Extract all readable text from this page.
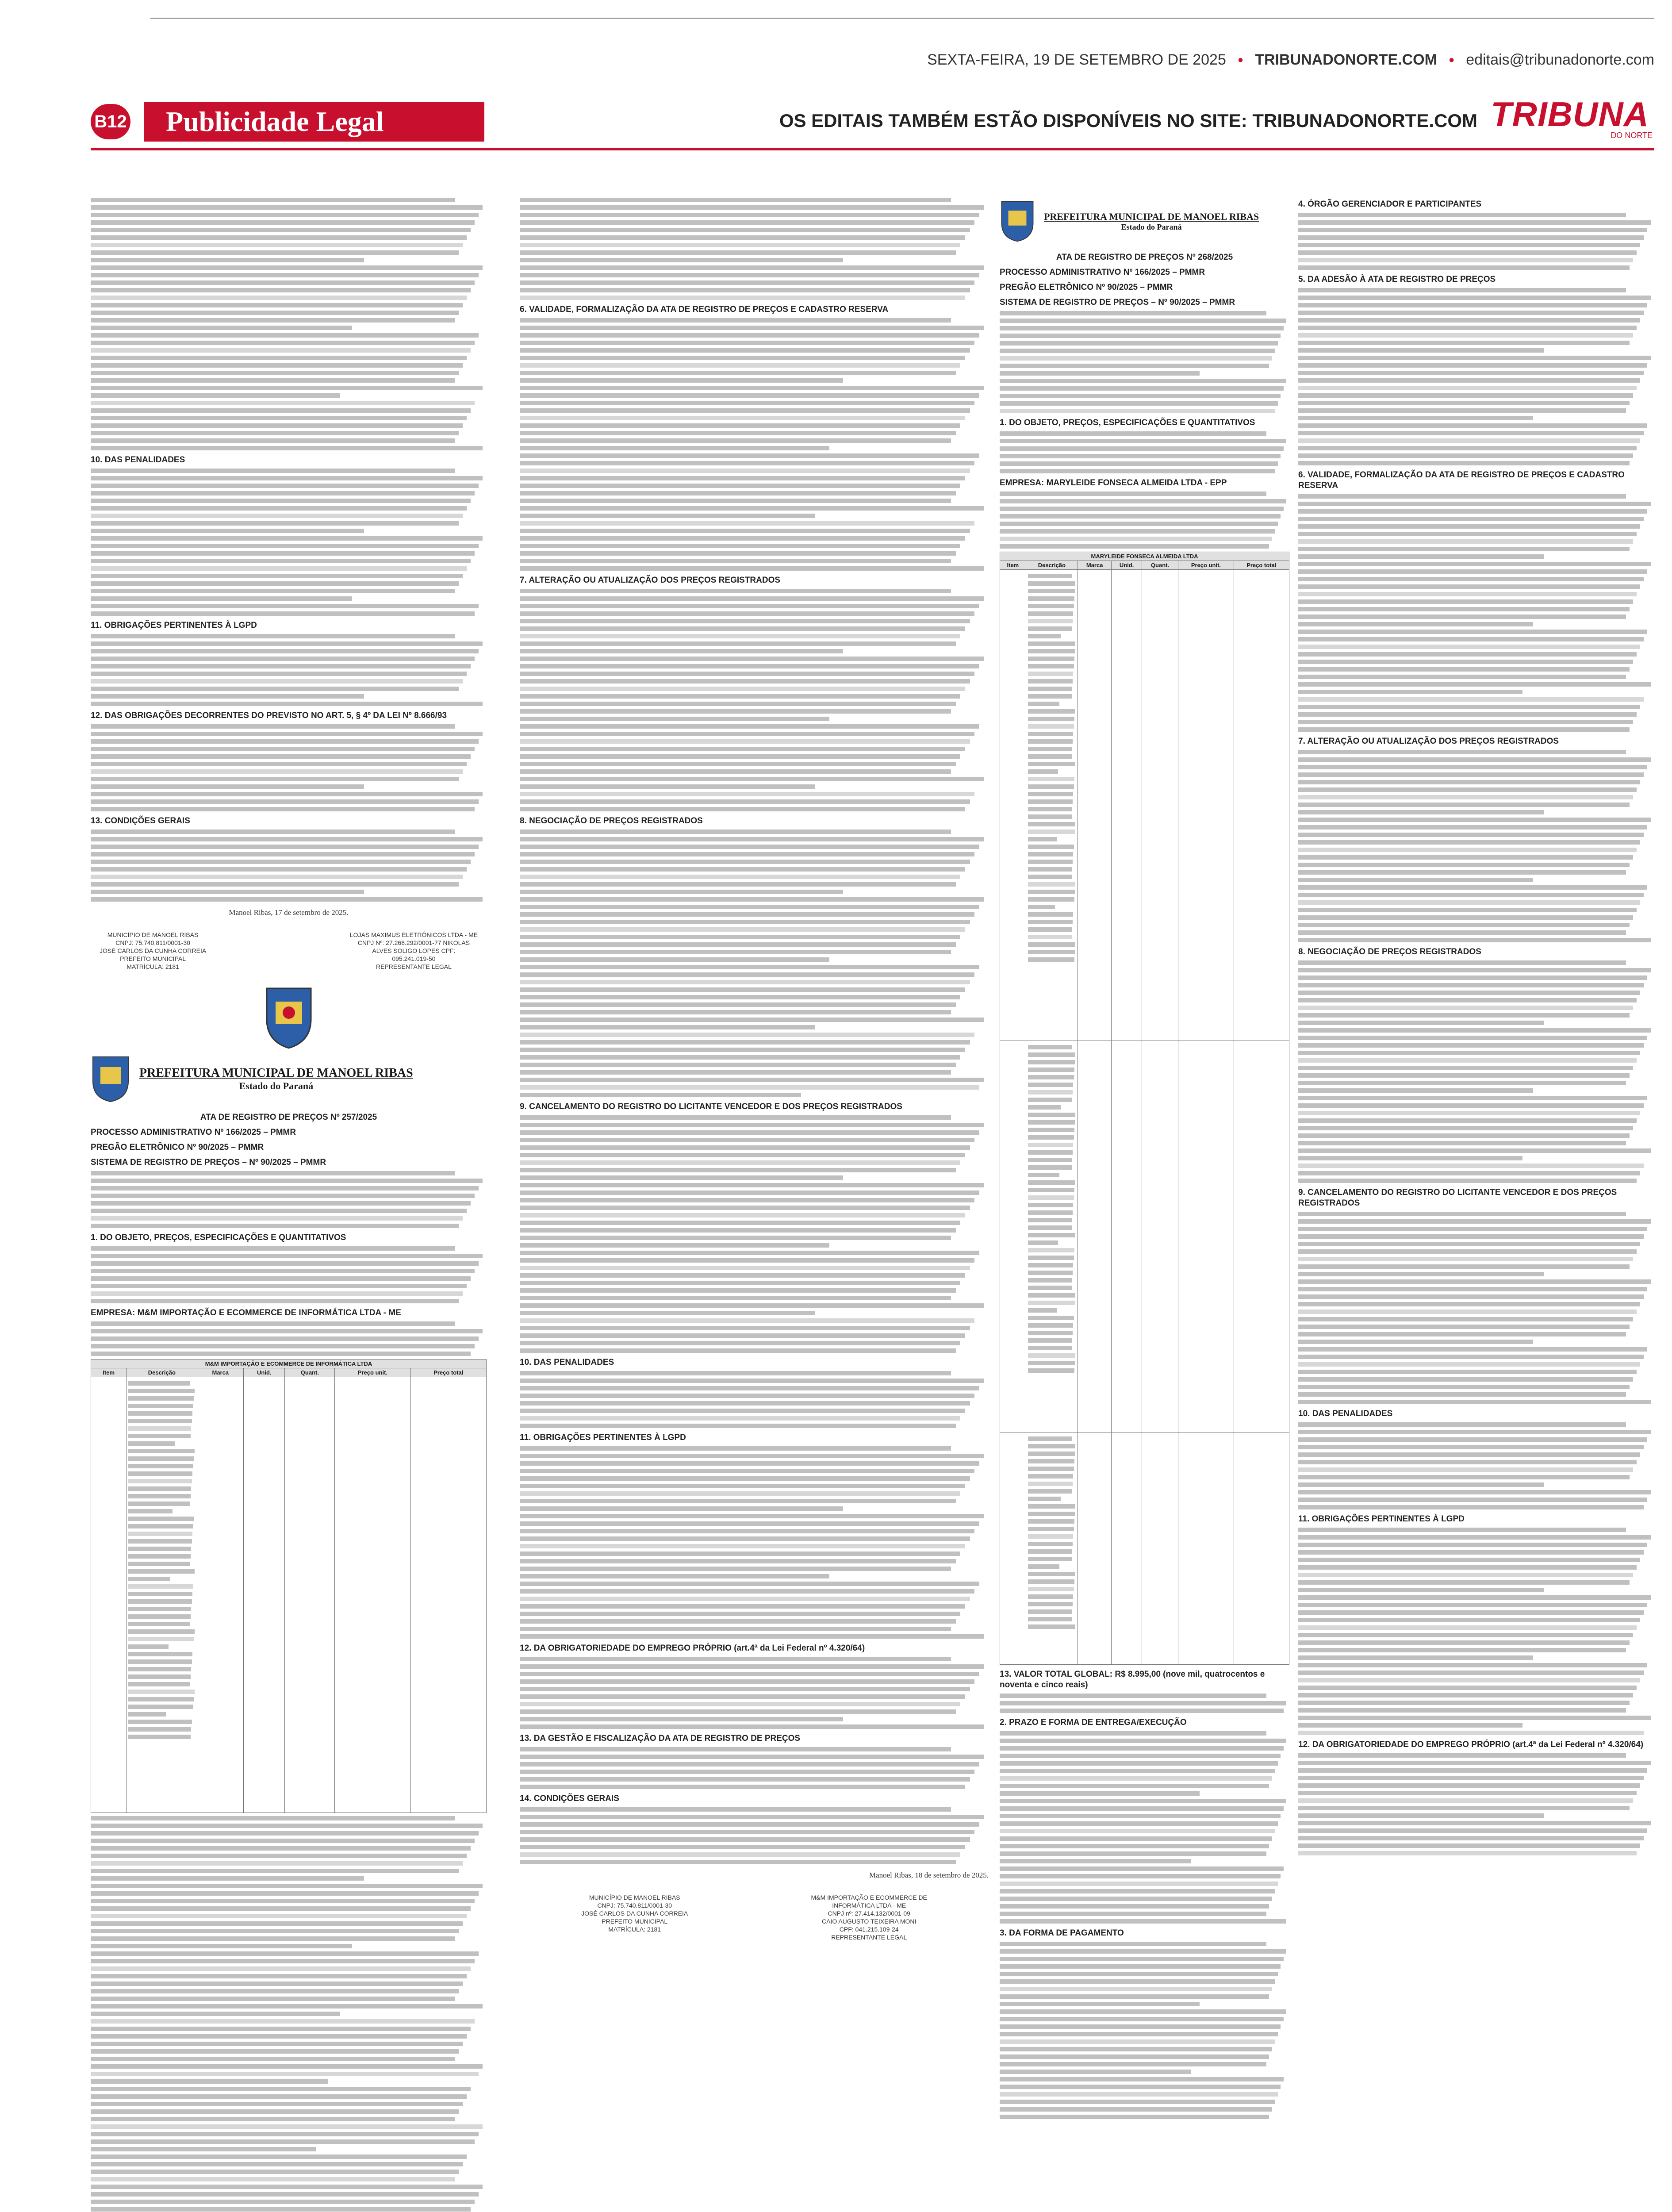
SEXTA-FEIRA, 19 DE SETEMBRO DE 2025 ● TRIBUNADONORTE.COM ● editais@tribunadonorte.com
B12	Publicidade Legal	OS EDITAIS TAMBÉM ESTÃO DISPONÍVEIS NO SITE: TRIBUNADONORTE.COM TRIBUNA
DO NORTE
10. DAS PENALIDADES
11. OBRIGAÇÕES PERTINENTES À LGPD
12. DAS OBRIGAÇÕES DECORRENTES DO PREVISTO NO ART. 5, § 4º DA LEI Nº 8.666/93
13. CONDIÇÕES GERAIS
Manoel Ribas, 17 de setembro de 2025.
MUNICÍPIO DE MANOEL RIBAS
CNPJ: 75.740.811/0001-30
JOSÉ CARLOS DA CUNHA CORREIA
PREFEITO MUNICIPAL
MATRÍCULA: 2181
LOJAS MAXIMUS ELETRÔNICOS LTDA - ME
CNPJ Nº: 27.268.292/0001-77 NIKOLAS
ALVES SOLIGO LOPES CPF:
095.241.019-50
REPRESENTANTE LEGAL
PREFEITURA MUNICIPAL DE MANOEL RIBAS
Estado do Paraná
ATA DE REGISTRO DE PREÇOS Nº 257/2025
PROCESSO ADMINISTRATIVO Nº 166/2025 – PMMR
PREGÃO ELETRÔNICO Nº 90/2025 – PMMR
SISTEMA DE REGISTRO DE PREÇOS – Nº 90/2025 – PMMR
1. DO OBJETO, PREÇOS, ESPECIFICAÇÕES E QUANTITATIVOS
EMPRESA: M&M IMPORTAÇÃO E ECOMMERCE DE INFORMÁTICA LTDA - ME
M&M IMPORTAÇÃO E ECOMMERCE DE INFORMÁTICA LTDA						
Item	Descrição	Marca	Unid.	Quant.	Preço unit.	Preço total

6. VALIDADE, FORMALIZAÇÃO DA ATA DE REGISTRO DE PREÇOS E CADASTRO RESERVA
7. ALTERAÇÃO OU ATUALIZAÇÃO DOS PREÇOS REGISTRADOS
8. NEGOCIAÇÃO DE PREÇOS REGISTRADOS
9. CANCELAMENTO DO REGISTRO DO LICITANTE VENCEDOR E DOS PREÇOS REGISTRADOS
10. DAS PENALIDADES
11. OBRIGAÇÕES PERTINENTES À LGPD
12. DA OBRIGATORIEDADE DO EMPREGO PRÓPRIO (art.4ª da Lei Federal nº 4.320/64)
13. DA GESTÃO E FISCALIZAÇÃO DA ATA DE REGISTRO DE PREÇOS
14. CONDIÇÕES GERAIS
Manoel Ribas, 18 de setembro de 2025.
MUNICÍPIO DE MANOEL RIBAS
CNPJ: 75.740.811/0001-30
JOSÉ CARLOS DA CUNHA CORREIA
PREFEITO MUNICIPAL
MATRÍCULA: 2181
M&M IMPORTAÇÃO E ECOMMERCE DE
INFORMÁTICA LTDA - ME
CNPJ nº: 27.414.132/0001-09
CAIO AUGUSTO TEIXEIRA MONI
CPF: 041.215.109-24
REPRESENTANTE LEGAL
PREFEITURA MUNICIPAL DE MANOEL RIBAS
Estado do Paraná
ATA DE REGISTRO DE PREÇOS Nº 268/2025
PROCESSO ADMINISTRATIVO Nº 166/2025 – PMMR
PREGÃO ELETRÔNICO Nº 90/2025 – PMMR
SISTEMA DE REGISTRO DE PREÇOS – Nº 90/2025 – PMMR
1. DO OBJETO, PREÇOS, ESPECIFICAÇÕES E QUANTITATIVOS
EMPRESA: MARYLEIDE FONSECA ALMEIDA LTDA - EPP
MARYLEIDE FONSECA ALMEIDA LTDA						
Item	Descrição	Marca	Unid.	Quant.	Preço unit.	Preço total

13. VALOR TOTAL GLOBAL: R$ 8.995,00 (nove mil, quatrocentos e noventa e cinco reais)
2. PRAZO E FORMA DE ENTREGA/EXECUÇÃO
3. DA FORMA DE PAGAMENTO
4. ÓRGÃO GERENCIADOR E PARTICIPANTES
5. DA ADESÃO À ATA DE REGISTRO DE PREÇOS
6. VALIDADE, FORMALIZAÇÃO DA ATA DE REGISTRO DE PREÇOS E CADASTRO RESERVA
7. ALTERAÇÃO OU ATUALIZAÇÃO DOS PREÇOS REGISTRADOS
8. NEGOCIAÇÃO DE PREÇOS REGISTRADOS
9. CANCELAMENTO DO REGISTRO DO LICITANTE VENCEDOR E DOS PREÇOS REGISTRADOS
10. DAS PENALIDADES
11. OBRIGAÇÕES PERTINENTES À LGPD
12. DA OBRIGATORIEDADE DO EMPREGO PRÓPRIO (art.4ª da Lei Federal nº 4.320/64)
